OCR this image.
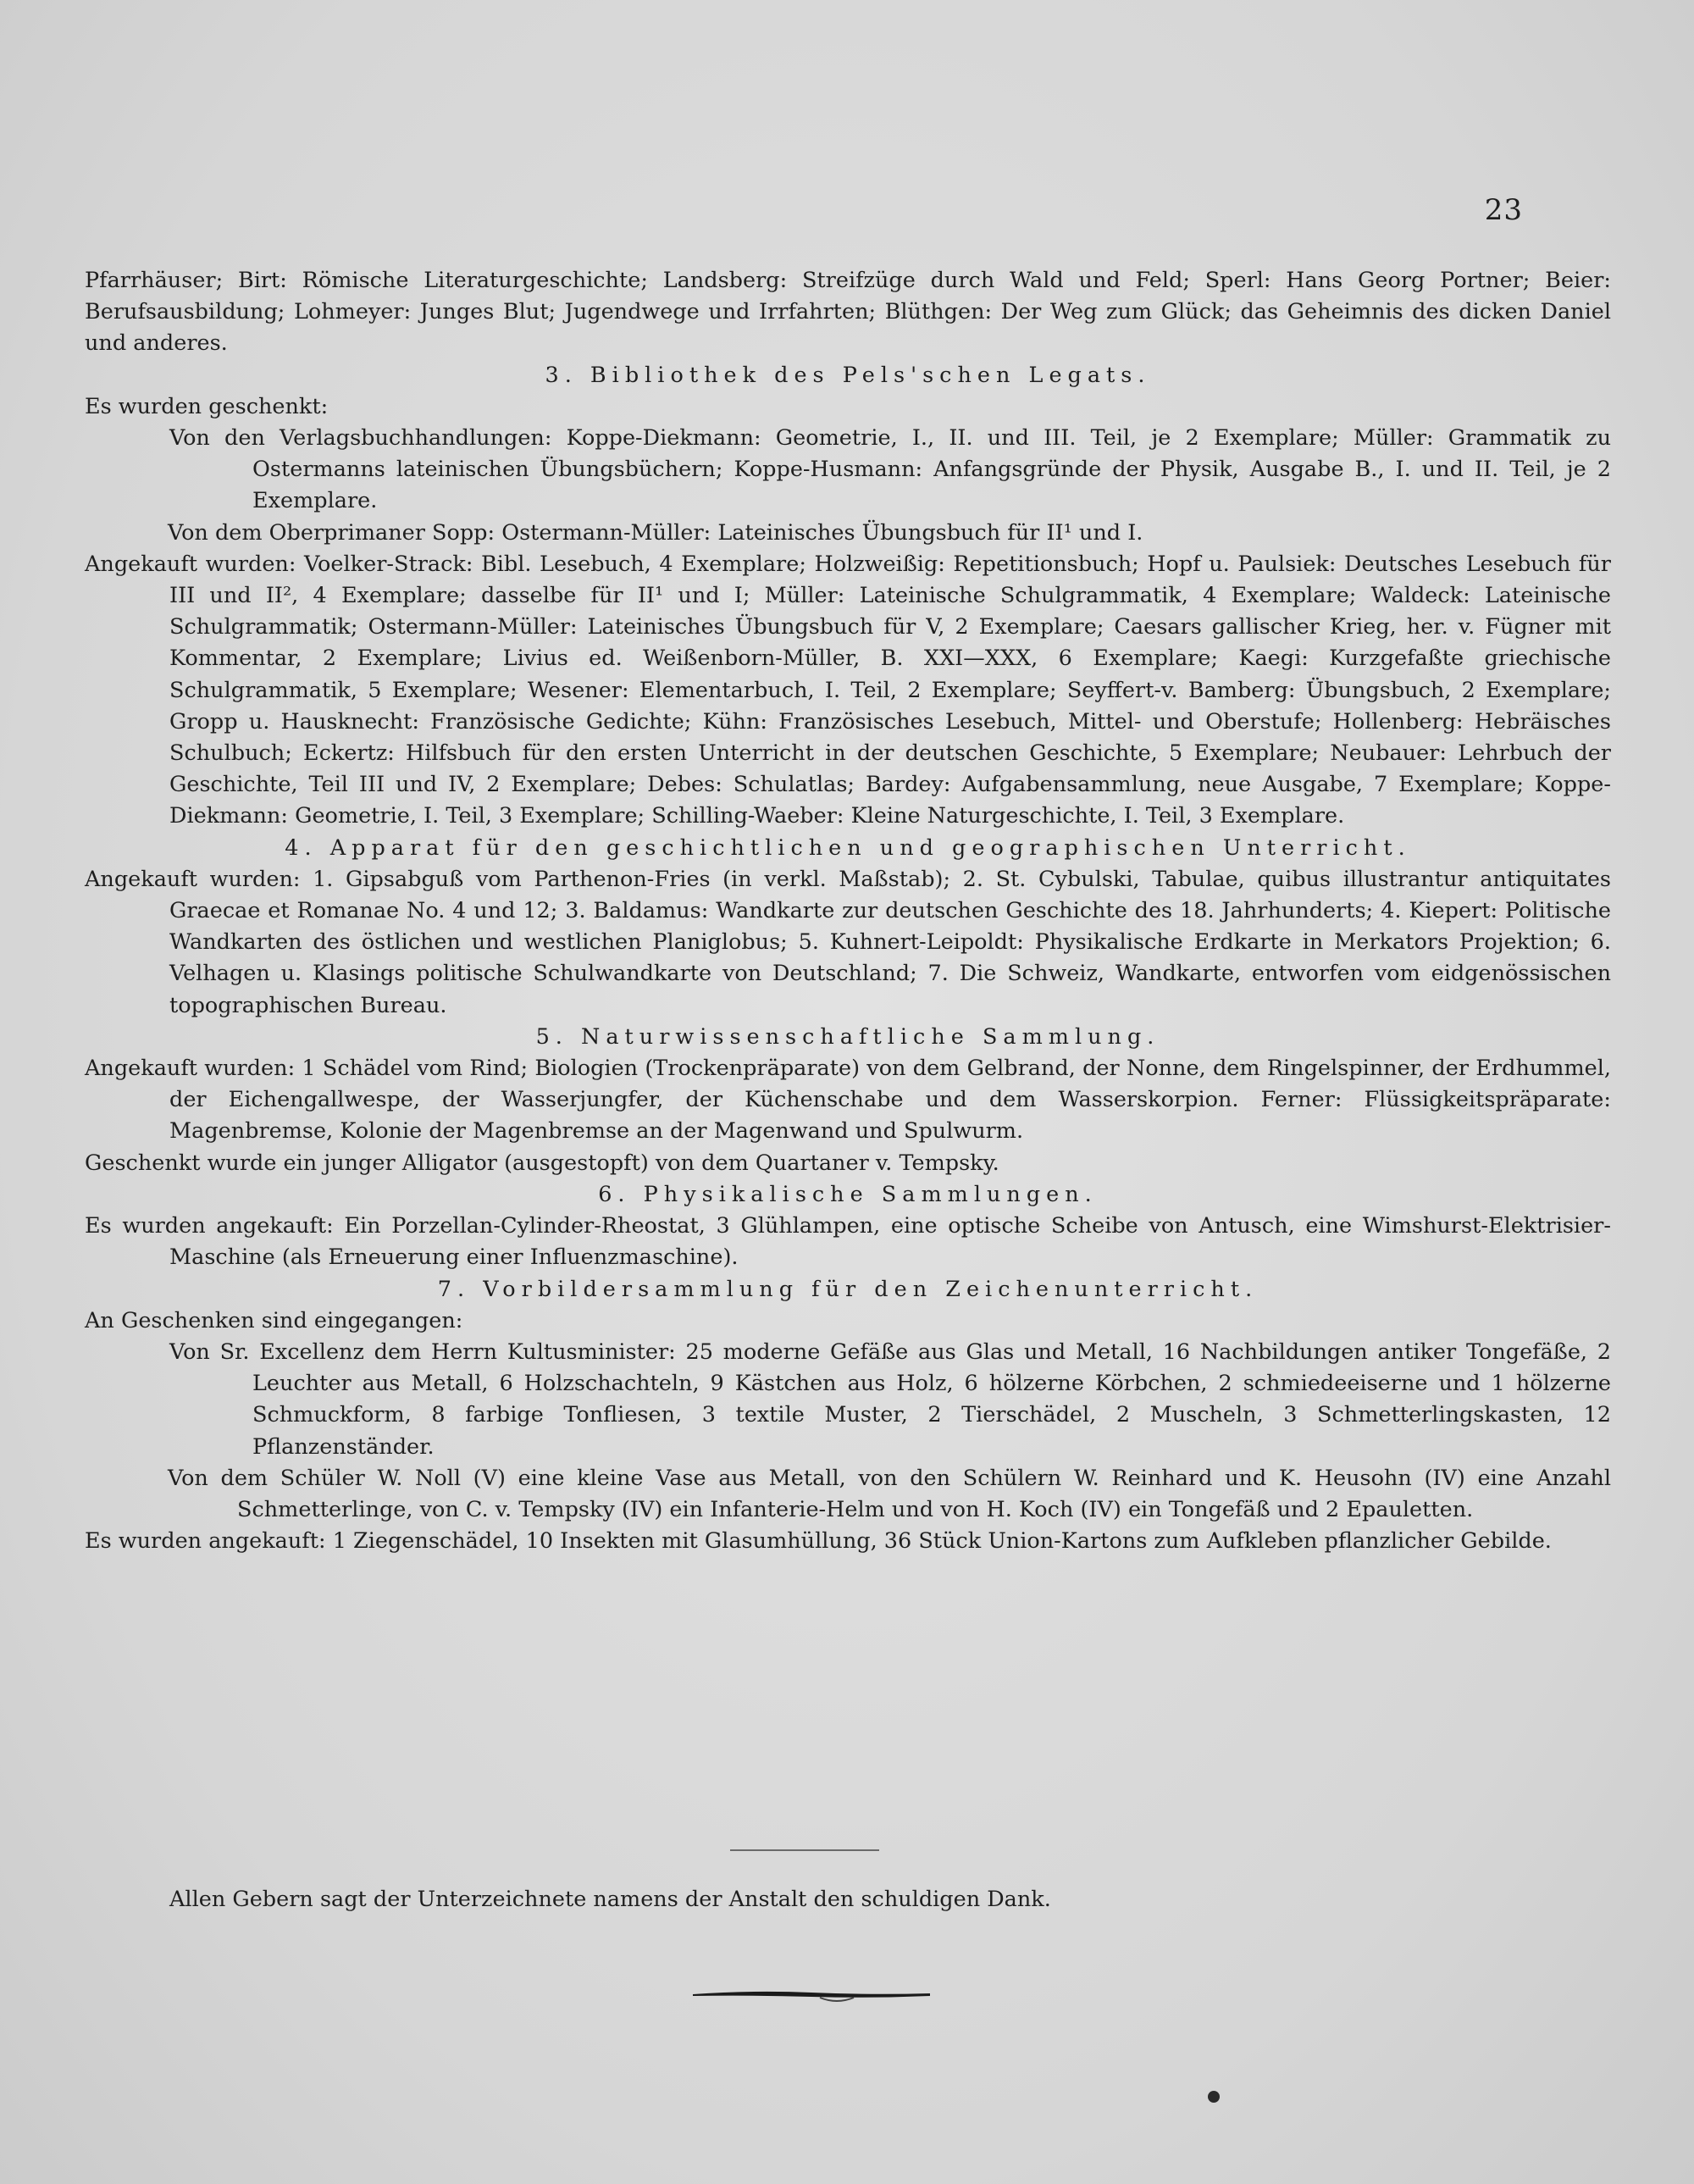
23

Pfarrhäuser; Birt: Römische Literaturgeschichte; Landsberg: Streifzüge durch Wald und Feld; Sperl: Hans Georg Portner; Beier: Berufsausbildung; Lohmeyer: Junges Blut; Jugendwege und Irrfahrten; Blüthgen: Der Weg zum Glück; das Geheimnis des dicken Daniel und anderes.

3. Bibliothek des Pels'schen Legats.

Es wurden geschenkt:

Von den Verlagsbuchhandlungen: Koppe-Diekmann: Geometrie, I., II. und III. Teil, je 2 Exemplare; Müller: Grammatik zu Ostermanns lateinischen Übungsbüchern; Koppe-Husmann: Anfangsgründe der Physik, Ausgabe B., I. und II. Teil, je 2 Exemplare.

Von dem Oberprimaner Sopp: Ostermann-Müller: Lateinisches Übungsbuch für II¹ und I.

Angekauft wurden: Voelker-Strack: Bibl. Lesebuch, 4 Exemplare; Holzweißig: Repetitionsbuch; Hopf u. Paulsiek: Deutsches Lesebuch für III und II², 4 Exemplare; dasselbe für II¹ und I; Müller: Lateinische Schulgrammatik, 4 Exemplare; Waldeck: Lateinische Schulgrammatik; Ostermann-Müller: Lateinisches Übungsbuch für V, 2 Exemplare; Caesars gallischer Krieg, her. v. Fügner mit Kommentar, 2 Exemplare; Livius ed. Weißenborn-Müller, B. XXI—XXX, 6 Exemplare; Kaegi: Kurzgefaßte griechische Schulgrammatik, 5 Exemplare; Wesener: Elementarbuch, I. Teil, 2 Exemplare; Seyffert-v. Bamberg: Übungsbuch, 2 Exemplare; Gropp u. Hausknecht: Französische Gedichte; Kühn: Französisches Lesebuch, Mittel- und Oberstufe; Hollenberg: Hebräisches Schulbuch; Eckertz: Hilfsbuch für den ersten Unterricht in der deutschen Geschichte, 5 Exemplare; Neubauer: Lehrbuch der Geschichte, Teil III und IV, 2 Exemplare; Debes: Schulatlas; Bardey: Aufgabensammlung, neue Ausgabe, 7 Exemplare; Koppe-Diekmann: Geometrie, I. Teil, 3 Exemplare; Schilling-Waeber: Kleine Naturgeschichte, I. Teil, 3 Exemplare.

4. Apparat für den geschichtlichen und geographischen Unterricht.

Angekauft wurden: 1. Gipsabguß vom Parthenon-Fries (in verkl. Maßstab); 2. St. Cybulski, Tabulae, quibus illustrantur antiquitates Graecae et Romanae No. 4 und 12; 3. Baldamus: Wandkarte zur deutschen Geschichte des 18. Jahrhunderts; 4. Kiepert: Politische Wandkarten des östlichen und westlichen Planiglobus; 5. Kuhnert-Leipoldt: Physikalische Erdkarte in Merkators Projektion; 6. Velhagen u. Klasings politische Schulwandkarte von Deutschland; 7. Die Schweiz, Wandkarte, entworfen vom eidgenössischen topographischen Bureau.

5. Naturwissenschaftliche Sammlung.

Angekauft wurden: 1 Schädel vom Rind; Biologien (Trockenpräparate) von dem Gelbrand, der Nonne, dem Ringelspinner, der Erdhummel, der Eichengallwespe, der Wasserjungfer, der Küchenschabe und dem Wasserskorpion. Ferner: Flüssigkeitspräparate: Magenbremse, Kolonie der Magenbremse an der Magenwand und Spulwurm.

Geschenkt wurde ein junger Alligator (ausgestopft) von dem Quartaner v. Tempsky.

6. Physikalische Sammlungen.

Es wurden angekauft: Ein Porzellan-Cylinder-Rheostat, 3 Glühlampen, eine optische Scheibe von Antusch, eine Wimshurst-Elektrisier-Maschine (als Erneuerung einer Influenzmaschine).

7. Vorbildersammlung für den Zeichenunterricht.

An Geschenken sind eingegangen:

Von Sr. Excellenz dem Herrn Kultusminister: 25 moderne Gefäße aus Glas und Metall, 16 Nachbildungen antiker Tongefäße, 2 Leuchter aus Metall, 6 Holzschachteln, 9 Kästchen aus Holz, 6 hölzerne Körbchen, 2 schmiedeeiserne und 1 hölzerne Schmuckform, 8 farbige Tonfliesen, 3 textile Muster, 2 Tierschädel, 2 Muscheln, 3 Schmetterlingskasten, 12 Pflanzenständer.

Von dem Schüler W. Noll (V) eine kleine Vase aus Metall, von den Schülern W. Reinhard und K. Heusohn (IV) eine Anzahl Schmetterlinge, von C. v. Tempsky (IV) ein Infanterie-Helm und von H. Koch (IV) ein Tongefäß und 2 Epauletten.

Es wurden angekauft: 1 Ziegenschädel, 10 Insekten mit Glasumhüllung, 36 Stück Union-Kartons zum Aufkleben pflanzlicher Gebilde.

Allen Gebern sagt der Unterzeichnete namens der Anstalt den schuldigen Dank.
